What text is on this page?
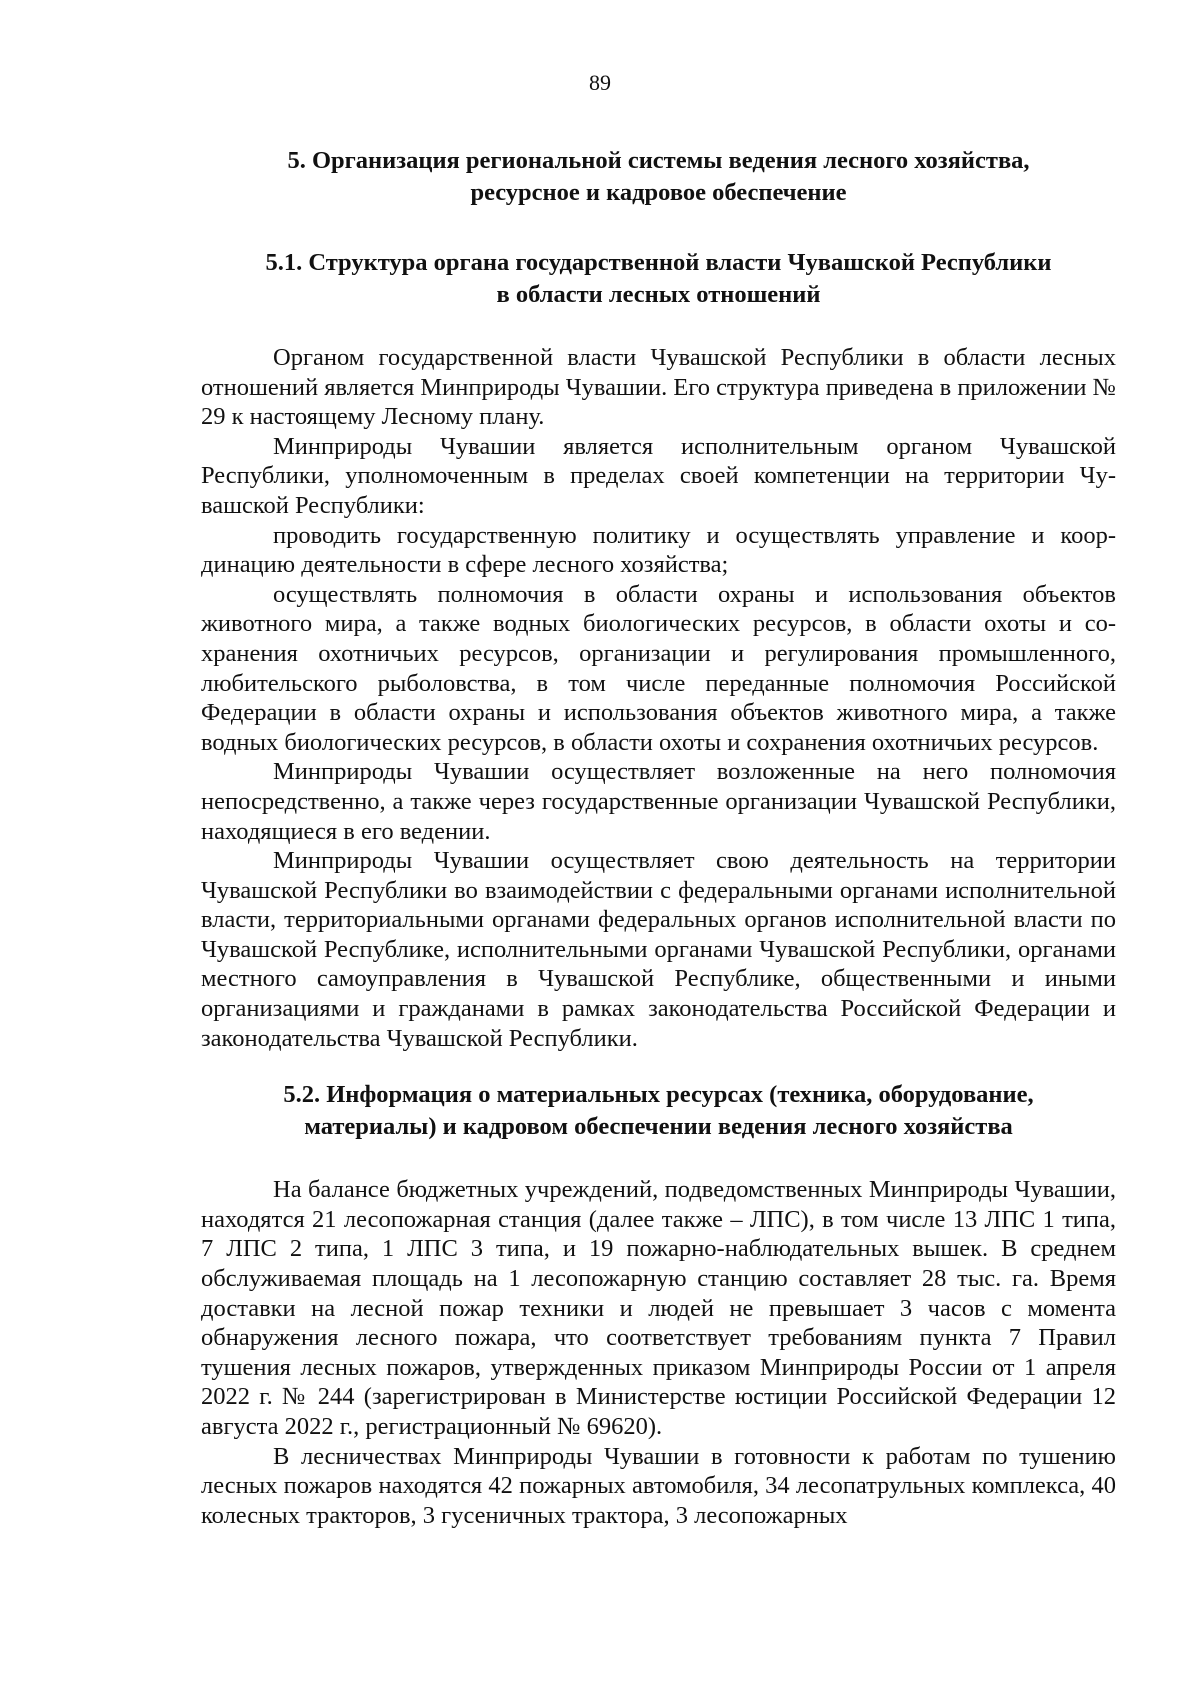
89
5. Организация региональной системы ведения лесного хозяйства,
ресурсное и кадровое обеспечение
5.1. Структура органа государственной власти Чувашской Республики
в области лесных отношений

Органом государственной власти Чувашской Республики в области лесных отношений является Минприроды Чувашии. Его структура приведена в приложении № 29 к настоящему Лесному плану.

Минприроды Чувашии является исполнительным органом Чувашской Республики, уполномоченным в пределах своей компетенции на территории Чувашской Республики:

проводить государственную политику и осуществлять управление и координацию деятельности в сфере лесного хозяйства;

осуществлять полномочия в области охраны и использования объектов животного мира, а также водных биологических ресурсов, в области охоты и сохранения охотничьих ресурсов, организации и регулирования промышленного, любительского рыболовства, в том числе переданные полномочия Российской Федерации в области охраны и использования объектов животного мира, а также водных биологических ресурсов, в области охоты и сохранения охотничьих ресурсов.

Минприроды Чувашии осуществляет возложенные на него полномочия непосредственно, а также через государственные организации Чувашской Республики, находящиеся в его ведении.

Минприроды Чувашии осуществляет свою деятельность на территории Чувашской Республики во взаимодействии с федеральными органами исполнительной власти, территориальными органами федеральных органов исполнительной власти по Чувашской Республике, исполнительными органами Чувашской Республики, органами местного самоуправления в Чувашской Республике, общественными и иными организациями и гражданами в рамках законодательства Российской Федерации и законодательства Чувашской Республики.

5.2. Информация о материальных ресурсах (техника, оборудование,
материалы) и кадровом обеспечении ведения лесного хозяйства

На балансе бюджетных учреждений, подведомственных Минприроды Чувашии, находятся 21 лесопожарная станция (далее также – ЛПС), в том числе 13 ЛПС 1 типа, 7 ЛПС 2 типа, 1 ЛПС 3 типа, и 19 пожарно-наблюдательных вышек. В среднем обслуживаемая площадь на 1 лесопожарную станцию составляет 28 тыс. га. Время доставки на лесной пожар техники и людей не превышает 3 часов с момента обнаружения лесного пожара, что соответствует требованиям пункта 7 Правил тушения лесных пожаров, утвержденных приказом Минприроды России от 1 апреля 2022 г. № 244 (зарегистрирован в Министерстве юстиции Российской Федерации 12 августа 2022 г., регистрационный № 69620).

В лесничествах Минприроды Чувашии в готовности к работам по тушению лесных пожаров находятся 42 пожарных автомобиля, 34 лесопатрульных комплекса, 40 колесных тракторов, 3 гусеничных трактора, 3 лесопожарных
